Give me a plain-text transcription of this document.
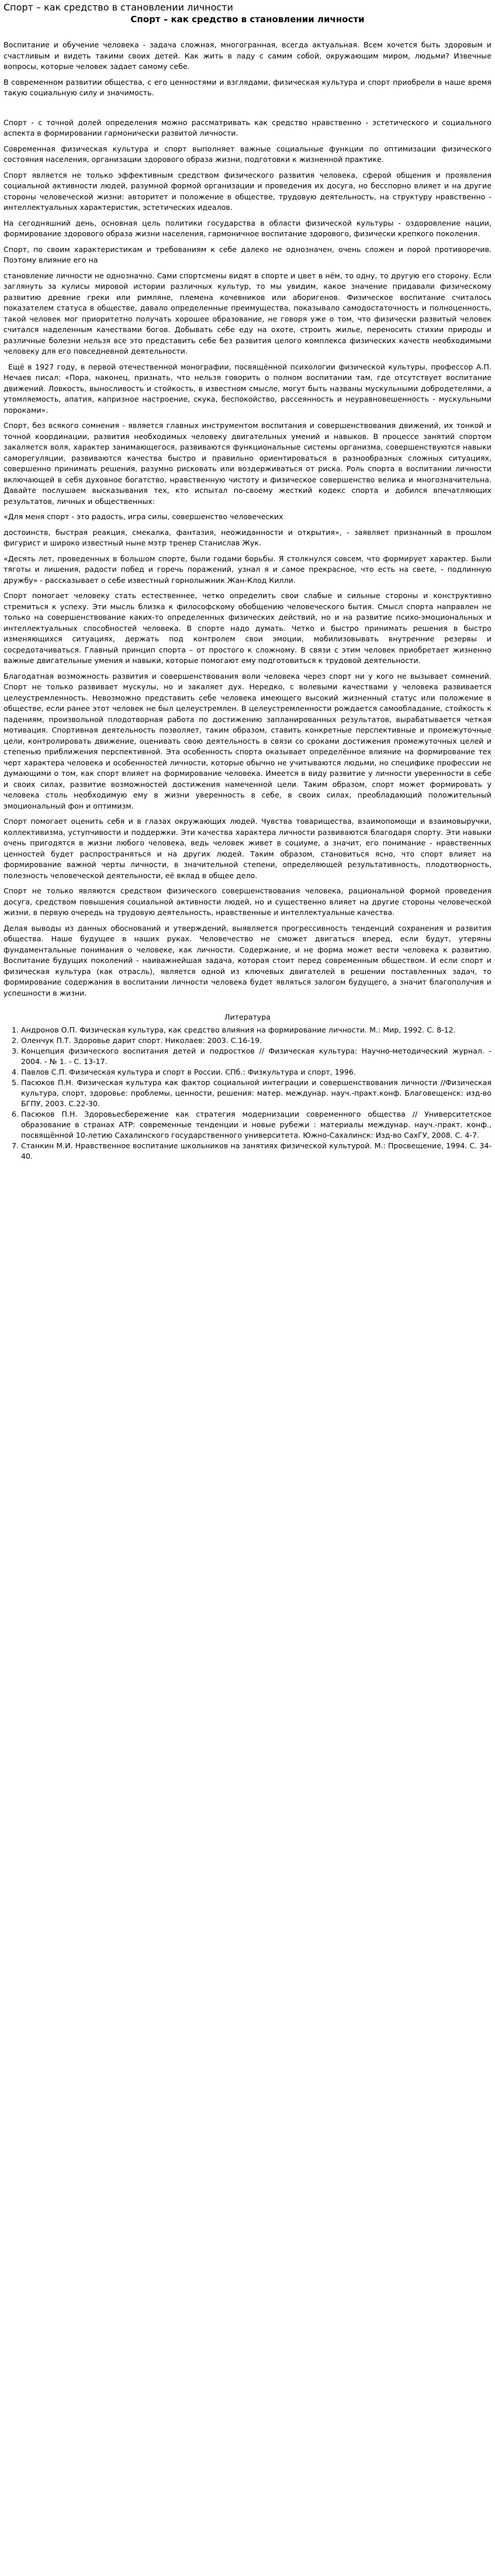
Спорт – как средство в становлении личности
Спорт – как средство в становлении личности

Воспитание и обучение человека - задача сложная, многогранная, всегда актуальная. Всем хочется быть здоровым и счастливым и видеть такими своих детей. Как жить в ладу с самим собой, окружающим миром, людьми? Извечные вопросы, которые человек задает самому себе.

В современном развитии общества, с его ценностями и взглядами, физическая культура и спорт приобрели в наше время такую социальную силу и значимость.

Спорт - с точной долей определения можно рассматривать как средство нравственно - эстетического и социального аспекта в формировании гармонически развитой личности.

Современная физическая культура и спорт выполняет важные социальные функции по оптимизации физического состояния населения, организации здорового образа жизни, подготовки к жизненной практике.

Спорт является не только эффективным средством физического развития человека, сферой общения и проявления социальной активности людей, разумной формой организации и проведения их досуга, но бесспорно влияет и на другие стороны человеческой жизни: авторитет и положение в обществе, трудовую деятельность, на структуру нравственно - интеллектуальных характеристик, эстетических идеалов.

На сегодняшний день, основная цель политики государства в области физической культуры - оздоровление нации, формирование здорового образа жизни населения, гармоничное воспитание здорового, физически крепкого поколения.

Спорт, по своим характеристикам и требованиям к себе далеко не однозначен, очень сложен и порой противоречив. Поэтому влияние его на

становление личности не однозначно. Сами спортсмены видят в спорте и цвет в нём, то одну, то другую его сторону. Если заглянуть за кулисы мировой истории различных культур, то мы увидим, какое значение придавали физическому развитию древние греки или римляне, племена кочевников или аборигенов. Физическое воспитание считалось показателем статуса в обществе, давало определенные преимущества, показывало самодостаточность и полноценность, такой человек мог приоритетно получать хорошее образование, не говоря уже о том, что физически развитый человек считался наделенным качествами богов. Добывать себе еду на охоте, строить жилье, переносить стихии природы и различные болезни нельзя все это представить себе без развития целого комплекса физических качеств необходимыми человеку для его повседневной деятельности.

Ещё в 1927 году, в первой отечественной монографии, посвящённой психологии физической культуры, профессор А.П. Нечаев писал: «Пора, наконец, признать, что нельзя говорить о полном воспитании там, где отсутствует воспитание движений. Ловкость, выносливость и стойкость, в известном смысле, могут быть названы мускульными добродетелями, а утомляемость, апатия, капризное настроение, скука, беспокойство, рассеянность и неуравновешенность - мускульными пороками».

Спорт, без всякого сомнения - является главных инструментом воспитания и совершенствования движений, их тонкой и точной координации, развития необходимых человеку двигательных умений и навыков. В процессе занятий спортом закаляется воля, характер занимающегося, развиваются функциональные системы организма, совершенствуются навыки саморегуляции, развиваются качества быстро и правильно ориентироваться в разнообразных сложных ситуациях, совершенно принимать решения, разумно рисковать или воздерживаться от риска. Роль спорта в воспитании личности включающей в себя духовное богатство, нравственную чистоту и физическое совершенство велика и многозначительна. Давайте послушаем высказывания тех, кто испытал по-своему жесткий кодекс спорта и добился впечатляющих результатов, личных и общественных:

«Для меня спорт - это радость, игра силы, совершенство человеческих

достоинств, быстрая реакция, смекалка, фантазия, неожиданности и открытия», - заявляет признанный в прошлом фигурист и широко известный ныне мэтр тренер Станислав Жук.

«Десять лет, проведенных в большом спорте, были годами борьбы. Я столкнулся совсем, что формирует характер. Были тяготы и лишения, радости побед и горечь поражений, узнал я и самое прекрасное, что есть на свете, - подлинную дружбу» - рассказывает о себе известный горнолыжник Жан-Клод Килли.

Спорт помогает человеку стать естественнее, четко определить свои слабые и сильные стороны и конструктивно стремиться к успеху. Эти мысль близка к философскому обобщению человеческого бытия. Смысл спорта направлен не только на совершенствование каких-то определенных физических действий, но и на развитие психо-эмоциональных и интеллектуальных способностей человека. В спорте надо думать. Четко и быстро принимать решения в быстро изменяющихся ситуациях, держать под контролем свои эмоции, мобилизовывать внутренние резервы и сосредотачиваться. Главный принцип спорта – от простого к сложному. В связи с этим человек приобретает жизненно важные двигательные умения и навыки, которые помогают ему подготовиться к трудовой деятельности.

Благодатная возможность развития и совершенствования воли человека через спорт ни у кого не вызывает сомнений. Спорт не только развивает мускулы, но и закаляет дух. Нередко, с волевыми качествами у человека развивается целеустремленность. Невозможно представить себе человека имеющего высокий жизненный статус или положение в обществе, если ранее этот человек не был целеустремлен. В целеустремленности рождается самообладание, стойкость к падениям, произвольной плодотворная работа по достижению запланированных результатов, вырабатывается четкая мотивация. Спортивная деятельность позволяет, таким образом, ставить конкретные перспективные и промежуточные цели, контролировать движение, оценивать свою деятельность в связи со сроками достижения промежуточных целей и степенью приближения перспективной. Эта особенность спорта оказывает определённое влияние на формирование тех черт характера человека и особенностей личности, которые обычно не учитываются людьми, но специфике професcии не думающими о том, как спорт влияет на формирование человека. Имеется в виду развитие у личности уверенности в себе и своих силах, развитие возможностей достижения намеченной цели. Таким образом, спорт может формировать у человека столь необходимую ему в жизни уверенность в себе, в своих силах, преобладающий положительный эмоциональный фон и оптимизм.

Спорт помогает оценить себя и в глазах окружающих людей. Чувства товарищества, взаимопомощи и взаимовыручки, коллективизма, уступчивости и поддержки. Эти качества характера личности развиваются благодаря спорту. Эти навыки очень пригодятся в жизни любого человека, ведь человек живет в социуме, а значит, его понимание - нравственных ценностей будет распространяться и на других людей. Таким образом, становиться ясно, что спорт влияет на формирование важной черты личности, в значительной степени, определяющей результативность, плодотворность, полезность человеческой деятельности, её вклад в общее дело.

Спорт не только являются средством физического совершенствования человека, рациональной формой проведения досуга, средством повышения социальной активности людей, но и существенно влияет на другие стороны человеческой жизни, в первую очередь на трудовую деятельность, нравственные и интеллектуальные качества.

Делая выводы из данных обоснований и утверждений, выявляется прогрессивность тенденций сохранения и развития общества. Наше будущее в наших руках. Человечество не сможет двигаться вперед, если будут, утеряны фундаментальные понимания о человеке, как личности. Содержание, и не форма может вести человека к развитию. Воспитание будущих поколений - наиважнейшая задача, которая стоит перед современным обществом. И если спорт и физическая культура (как отрасль), является одной из ключевых двигателей в решении поставленных задач, то формирование содержания в воспитании личности человека будет являться залогом будущего, а значит благополучия и успешности в жизни.

Литература
1. Андронов О.П. Физическая культура, как средство влияния на формирование личности. М.: Мир, 1992. С. 8-12.
2. Оленчук П.Т. Здоровье дарит спорт. Николаев: 2003. С.16-19.
3. Концепция физического воспитания детей и подростков // Физическая культура: Научно-методический журнал. - 2004. - № 1. - С. 13-17.
4. Павлов С.П. Физическая культура и спорт в России. СПб.: Физкультура и спорт, 1996.
5. Пасюков П.Н. Физическая культура как фактор социальной интеграции и совершенствования личности //Физическая культура, спорт, здоровье: проблемы, ценности, решения: матер. междунар. науч.-практ.конф. Благовещенск: изд-во БГПУ, 2003. С.22-30.
6. Пасюков П.Н. Здоровьесбережение как стратегия модернизации современного общества // Университетское образование в странах АТР: современные тенденции и новые рубежи : материалы междунар. науч.-практ. конф., посвящённой 10-летию Сахалинского государственного университета. Южно-Сахалинск: Изд-во СахГУ, 2008. С. 4-7.
7. Станкин М.И. Нравственное воспитание школьников на занятиях физической культурой. М.: Просвещение, 1994. С. 34-40.
